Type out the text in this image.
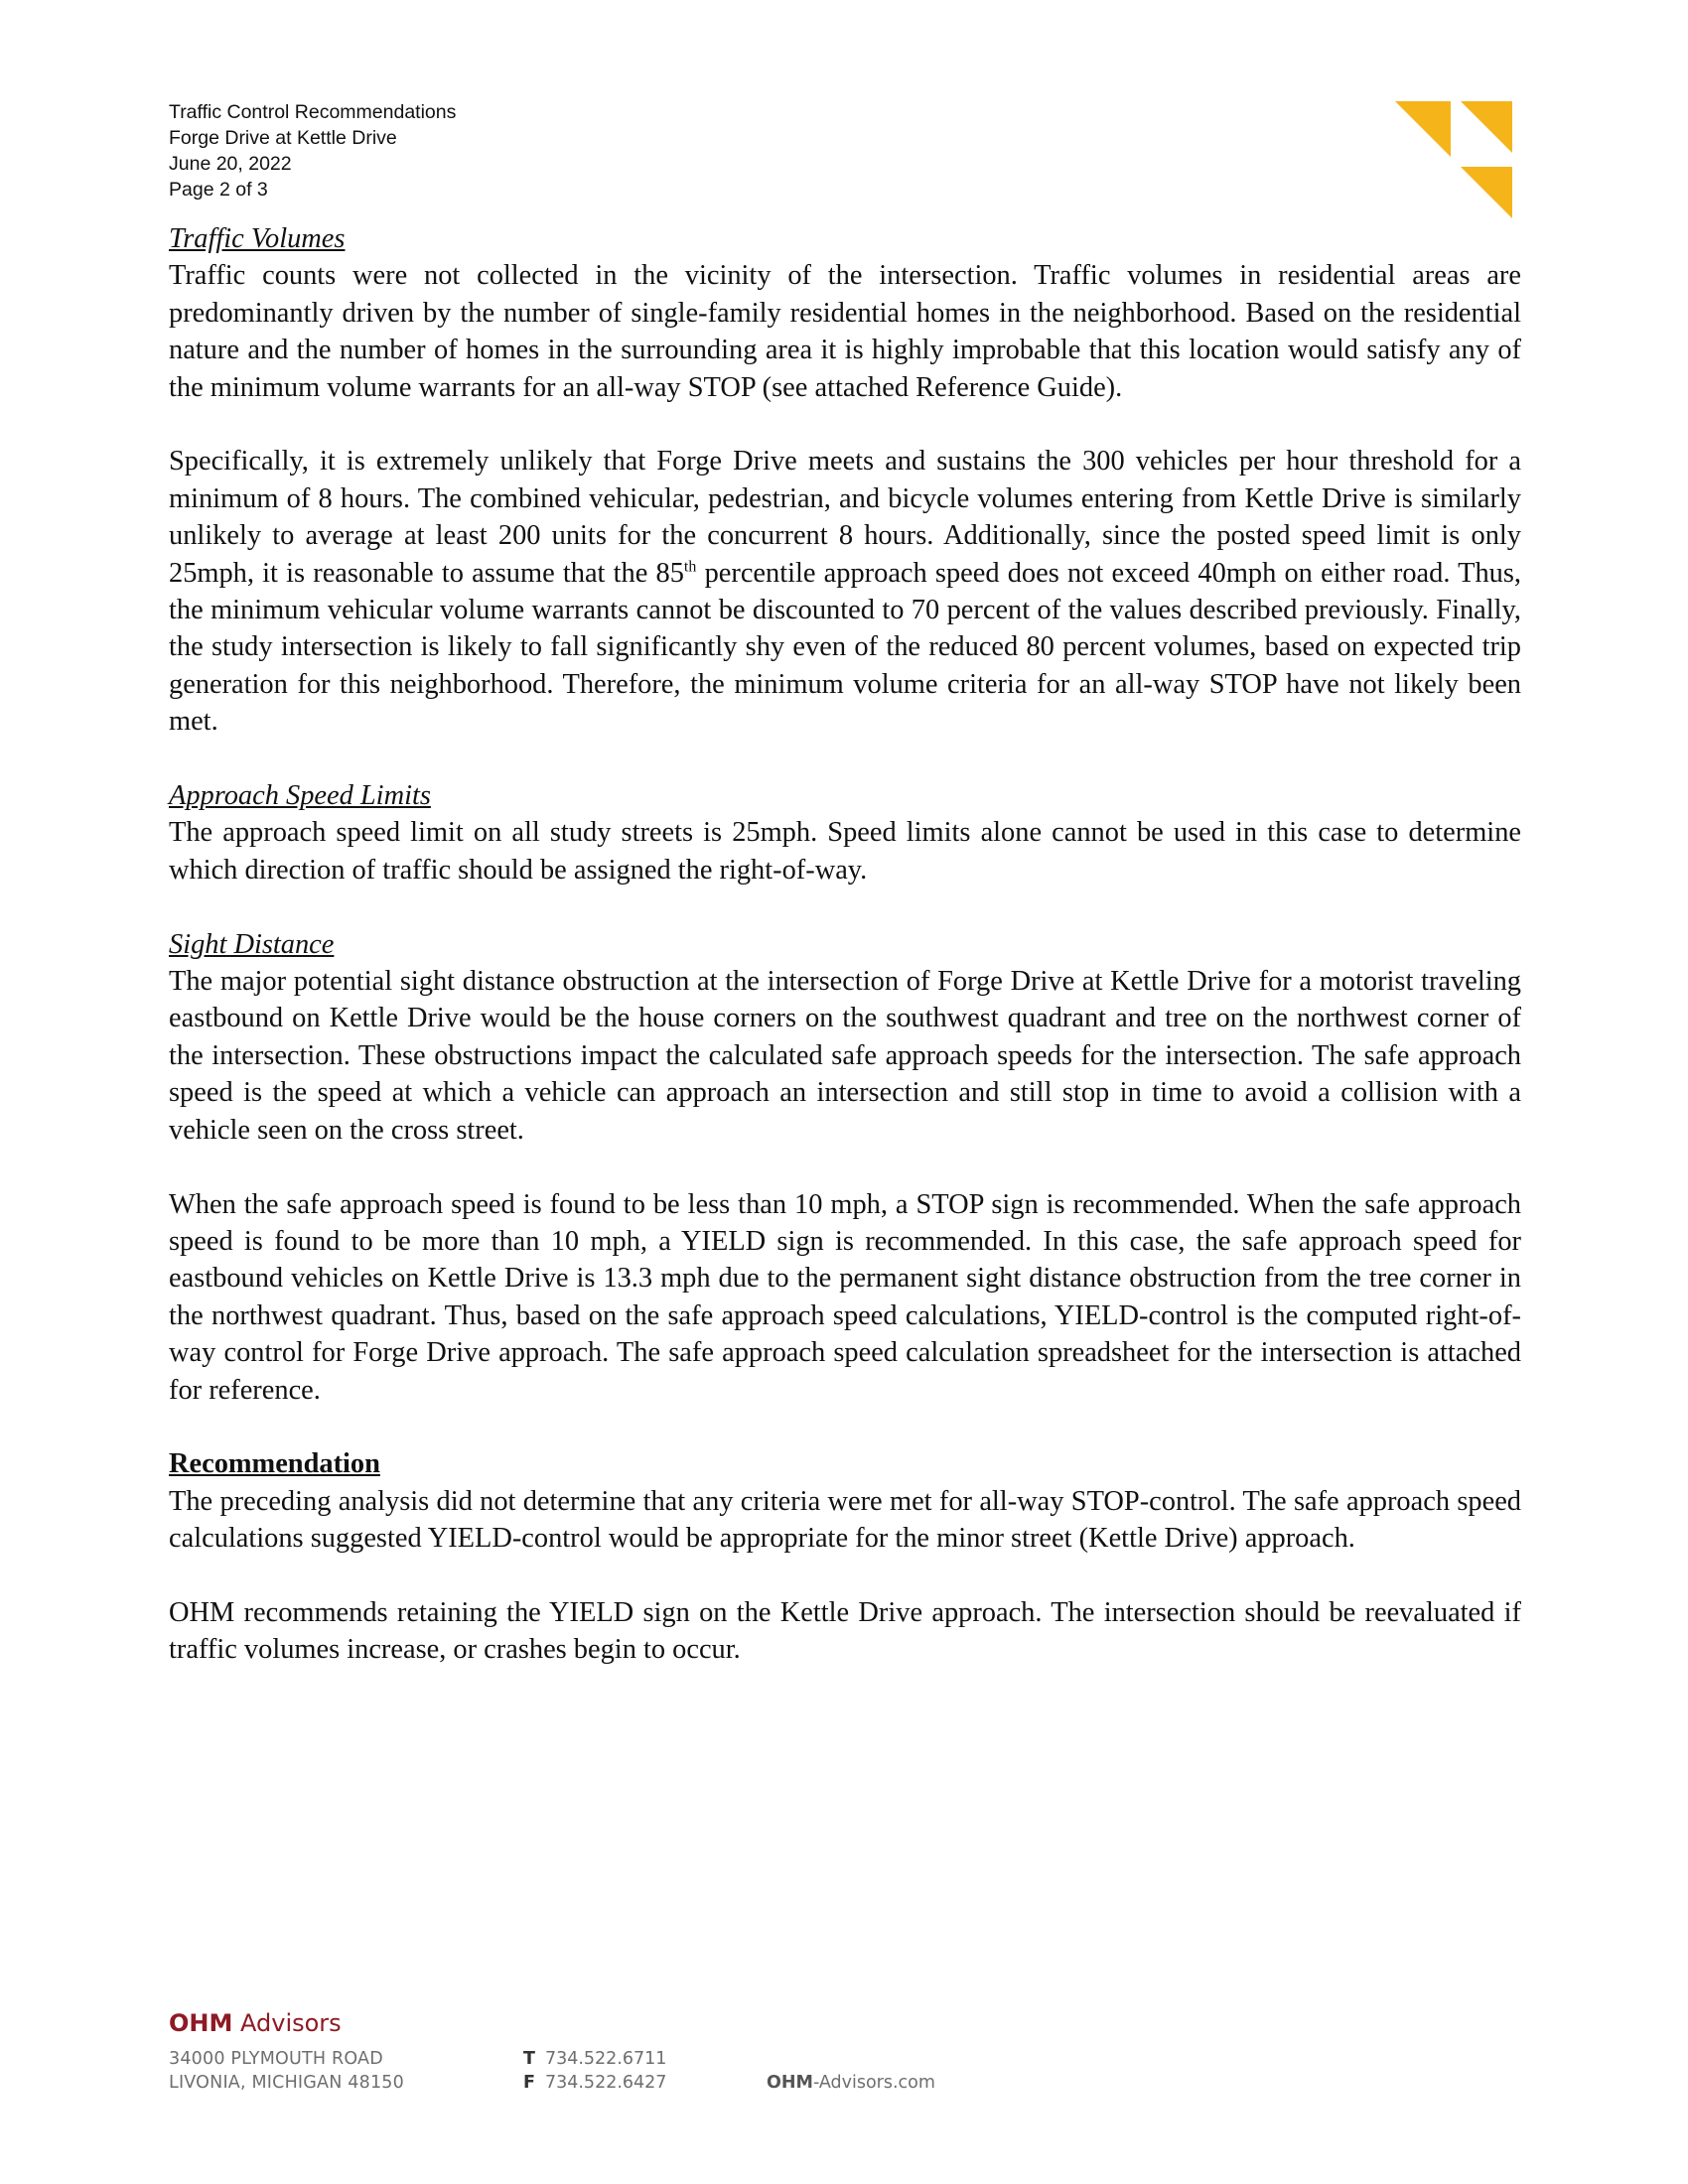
Traffic Control Recommendations
Forge Drive at Kettle Drive
June 20, 2022
Page 2 of 3
Traffic Volumes

Traffic counts were not collected in the vicinity of the intersection. Traffic volumes in residential areas are predominantly driven by the number of single-family residential homes in the neighborhood. Based on the residential nature and the number of homes in the surrounding area it is highly improbable that this location would satisfy any of the minimum volume warrants for an all-way STOP (see attached Reference Guide).

Specifically, it is extremely unlikely that Forge Drive meets and sustains the 300 vehicles per hour threshold for a minimum of 8 hours. The combined vehicular, pedestrian, and bicycle volumes entering from Kettle Drive is similarly unlikely to average at least 200 units for the concurrent 8 hours. Additionally, since the posted speed limit is only 25mph, it is reasonable to assume that the 85th percentile approach speed does not exceed 40mph on either road. Thus, the minimum vehicular volume warrants cannot be discounted to 70 percent of the values described previously. Finally, the study intersection is likely to fall significantly shy even of the reduced 80 percent volumes, based on expected trip generation for this neighborhood. Therefore, the minimum volume criteria for an all-way STOP have not likely been met.

Approach Speed Limits

The approach speed limit on all study streets is 25mph. Speed limits alone cannot be used in this case to determine which direction of traffic should be assigned the right-of-way.

Sight Distance

The major potential sight distance obstruction at the intersection of Forge Drive at Kettle Drive for a motorist traveling eastbound on Kettle Drive would be the house corners on the southwest quadrant and tree on the northwest corner of the intersection. These obstructions impact the calculated safe approach speeds for the intersection. The safe approach speed is the speed at which a vehicle can approach an intersection and still stop in time to avoid a collision with a vehicle seen on the cross street.

When the safe approach speed is found to be less than 10 mph, a STOP sign is recommended. When the safe approach speed is found to be more than 10 mph, a YIELD sign is recommended. In this case, the safe approach speed for eastbound vehicles on Kettle Drive is 13.3 mph due to the permanent sight distance obstruction from the tree corner in the northwest quadrant. Thus, based on the safe approach speed calculations, YIELD-control is the computed right-of-way control for Forge Drive approach. The safe approach speed calculation spreadsheet for the intersection is attached for reference.

Recommendation

The preceding analysis did not determine that any criteria were met for all-way STOP-control. The safe approach speed calculations suggested YIELD-control would be appropriate for the minor street (Kettle Drive) approach.

OHM recommends retaining the YIELD sign on the Kettle Drive approach. The intersection should be reevaluated if traffic volumes increase, or crashes begin to occur.

OHM Advisors
34000 PLYMOUTH ROAD
LIVONIA, MICHIGAN 48150
T 734.522.6711
F 734.522.6427	OHM-Advisors.com
